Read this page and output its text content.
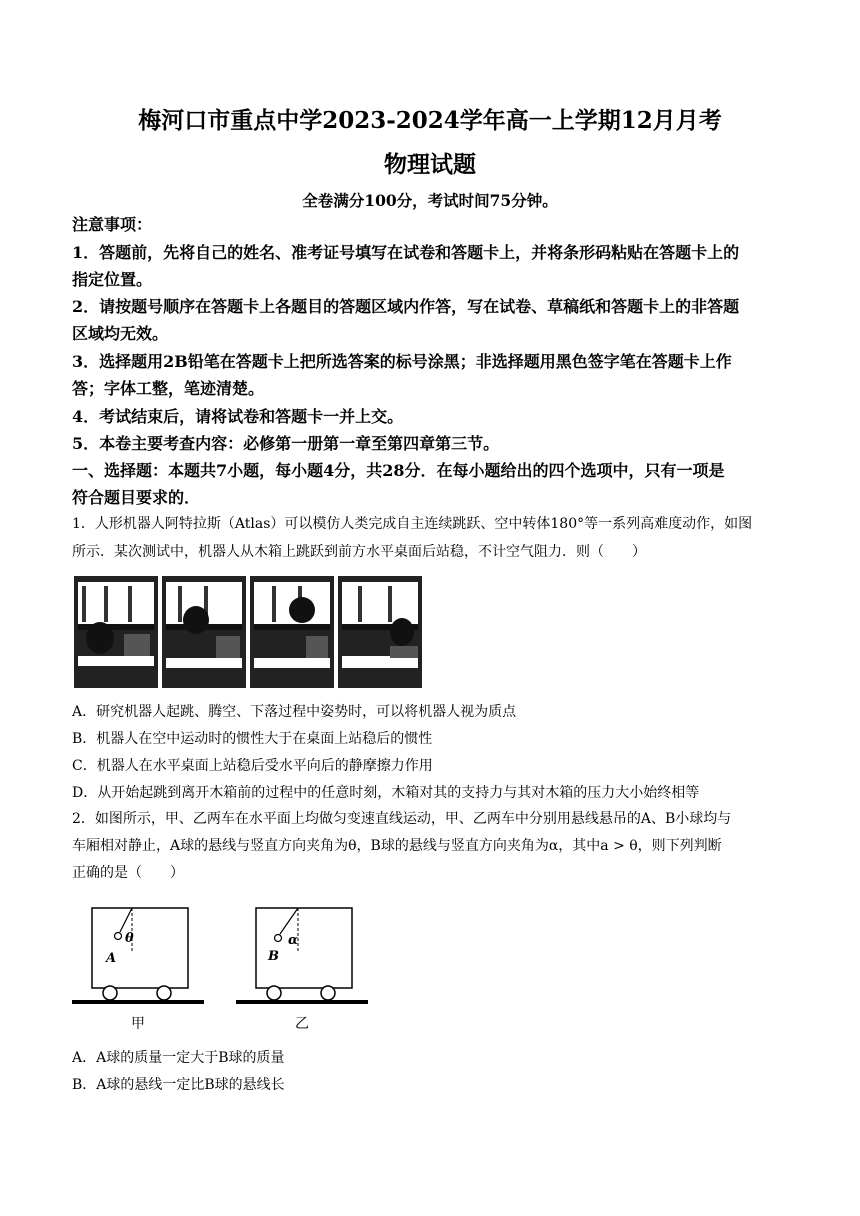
梅河口市重点中学2023-2024学年高一上学期12月月考
物理试题
全卷满分100分，考试时间75分钟。
注意事项：
1．答题前，先将自己的姓名、准考证号填写在试卷和答题卡上，并将条形码粘贴在答题卡上的
指定位置。
2．请按题号顺序在答题卡上各题目的答题区域内作答，写在试卷、草稿纸和答题卡上的非答题
区域均无效。
3．选择题用2B铅笔在答题卡上把所选答案的标号涂黑；非选择题用黑色签字笔在答题卡上作
答；字体工整，笔迹清楚。
4．考试结束后，请将试卷和答题卡一并上交。
5．本卷主要考查内容：必修第一册第一章至第四章第三节。
一、选择题：本题共7小题，每小题4分，共28分．在每小题给出的四个选项中，只有一项是
符合题目要求的．
1．人形机器人阿特拉斯（Atlas）可以模仿人类完成自主连续跳跃、空中转体180°等一系列高难度动作，如图
所示．某次测试中，机器人从木箱上跳跃到前方水平桌面后站稳，不计空气阻力．则（　　）
A．研究机器人起跳、腾空、下落过程中姿势时，可以将机器人视为质点
B．机器人在空中运动时的惯性大于在桌面上站稳后的惯性
C．机器人在水平桌面上站稳后受水平向后的静摩擦力作用
D．从开始起跳到离开木箱前的过程中的任意时刻，木箱对其的支持力与其对木箱的压力大小始终相等
2．如图所示，甲、乙两车在水平面上均做匀变速直线运动，甲、乙两车中分别用悬线悬吊的A、B小球均与
车厢相对静止，A球的悬线与竖直方向夹角为θ，B球的悬线与竖直方向夹角为α，其中a > θ，则下列判断
正确的是（　　）
θ
A
甲
α
B
乙
A．A球的质量一定大于B球的质量
B．A球的悬线一定比B球的悬线长
